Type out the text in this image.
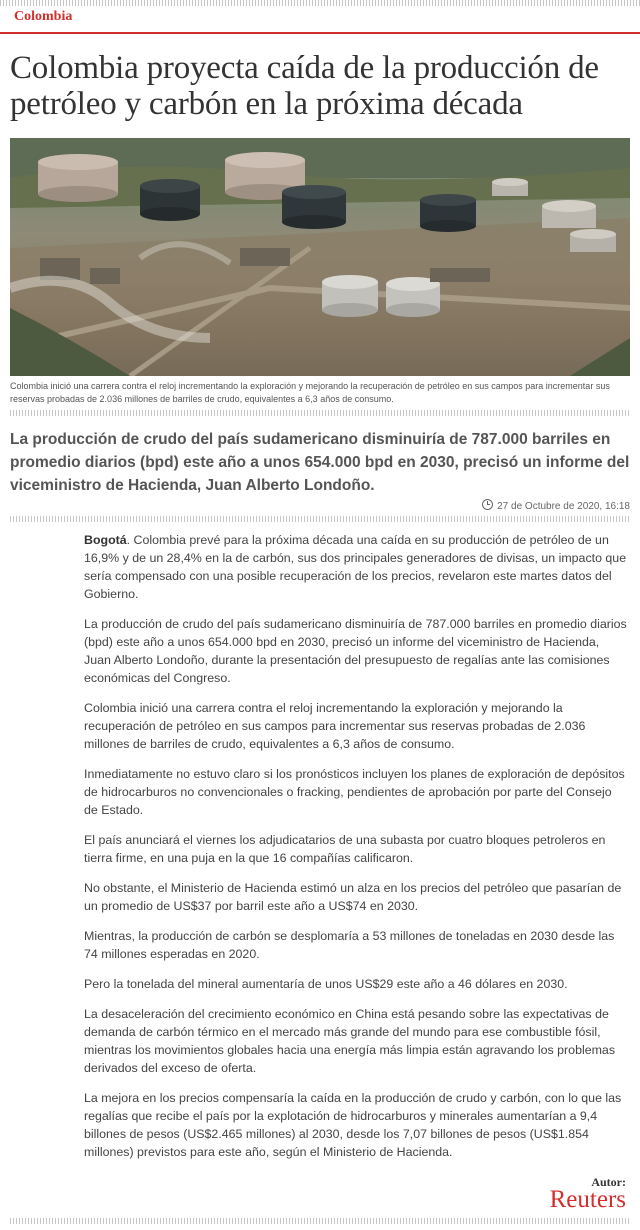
Colombia
Colombia proyecta caída de la producción de petróleo y carbón en la próxima década

Colombia inició una carrera contra el reloj incrementando la exploración y mejorando la recuperación de petróleo en sus campos para incrementar sus reservas probadas de 2.036 millones de barriles de crudo, equivalentes a 6,3 años de consumo.

La producción de crudo del país sudamericano disminuiría de 787.000 barriles en promedio diarios (bpd) este año a unos 654.000 bpd en 2030, precisó un informe del viceministro de Hacienda, Juan Alberto Londoño.

27 de Octubre de 2020, 16:18

Bogotá. Colombia prevé para la próxima década una caída en su producción de petróleo de un 16,9% y de un 28,4% en la de carbón, sus dos principales generadores de divisas, un impacto que sería compensado con una posible recuperación de los precios, revelaron este martes datos del Gobierno.

La producción de crudo del país sudamericano disminuiría de 787.000 barriles en promedio diarios (bpd) este año a unos 654.000 bpd en 2030, precisó un informe del viceministro de Hacienda, Juan Alberto Londoño, durante la presentación del presupuesto de regalías ante las comisiones económicas del Congreso.

Colombia inició una carrera contra el reloj incrementando la exploración y mejorando la recuperación de petróleo en sus campos para incrementar sus reservas probadas de 2.036 millones de barriles de crudo, equivalentes a 6,3 años de consumo.

Inmediatamente no estuvo claro si los pronósticos incluyen los planes de exploración de depósitos de hidrocarburos no convencionales o fracking, pendientes de aprobación por parte del Consejo de Estado.

El país anunciará el viernes los adjudicatarios de una subasta por cuatro bloques petroleros en tierra firme, en una puja en la que 16 compañías calificaron.

No obstante, el Ministerio de Hacienda estimó un alza en los precios del petróleo que pasarían de un promedio de US$37 por barril este año a US$74 en 2030.

Mientras, la producción de carbón se desplomaría a 53 millones de toneladas en 2030 desde las 74 millones esperadas en 2020.

Pero la tonelada del mineral aumentaría de unos US$29 este año a 46 dólares en 2030.

La desaceleración del crecimiento económico en China está pesando sobre las expectativas de demanda de carbón térmico en el mercado más grande del mundo para ese combustible fósil, mientras los movimientos globales hacia una energía más limpia están agravando los problemas derivados del exceso de oferta.

La mejora en los precios compensaría la caída en la producción de crudo y carbón, con lo que las regalías que recibe el país por la explotación de hidrocarburos y minerales aumentarían a 9,4 billones de pesos (US$2.465 millones) al 2030, desde los 7,07 billones de pesos (US$1.854 millones) previstos para este año, según el Ministerio de Hacienda.

Autor:
Reuters
